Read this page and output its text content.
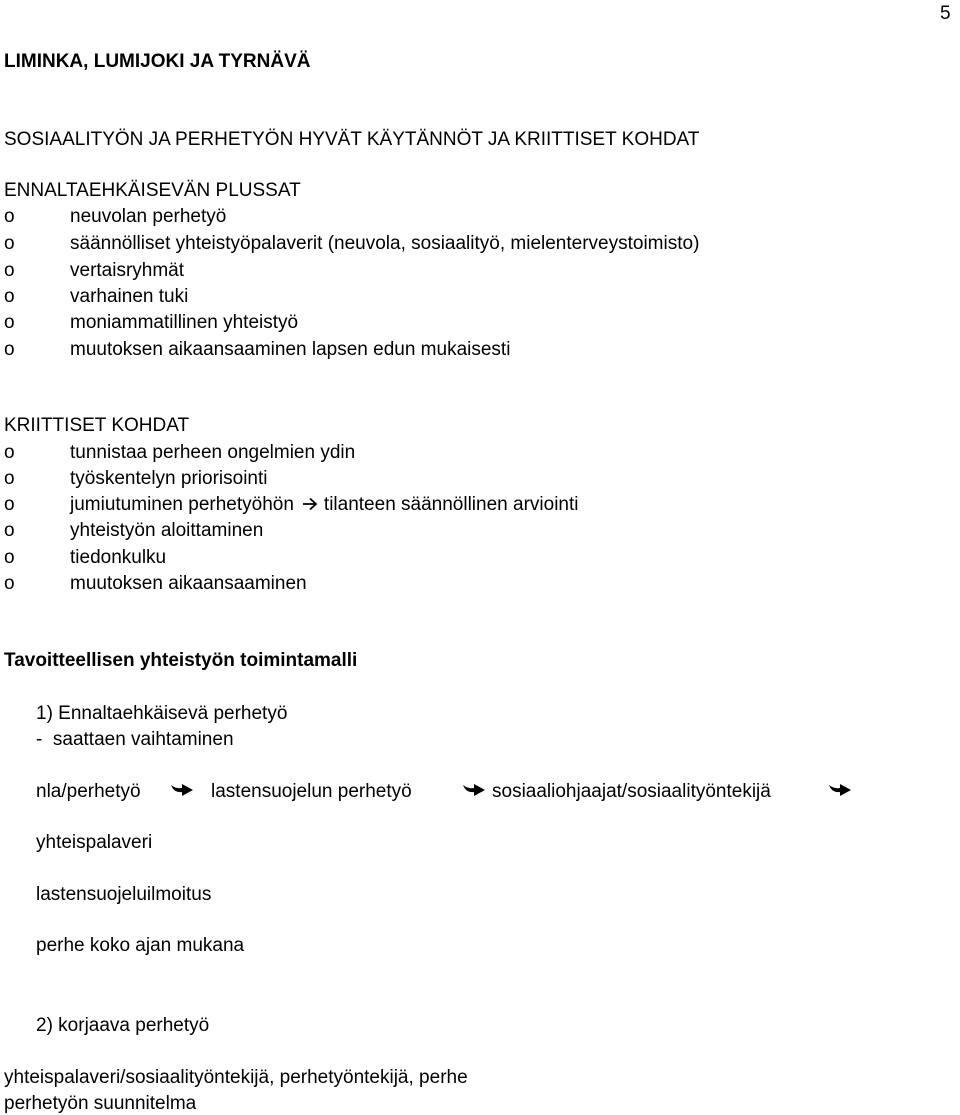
5
LIMINKA, LUMIJOKI JA TYRNÄVÄ
SOSIAALITYÖN JA PERHETYÖN HYVÄT KÄYTÄNNÖT JA KRIITTISET KOHDAT
ENNALTAEHKÄISEVÄN PLUSSAT
o	neuvolan perhetyö
o	säännölliset yhteistyöpalaverit (neuvola, sosiaalityö, mielenterveystoimisto)
o	vertaisryhmät
o	varhainen tuki
o	moniammatillinen yhteistyö
o	muutoksen aikaansaaminen lapsen edun mukaisesti
KRIITTISET KOHDAT
o	tunnistaa perheen ongelmien ydin
o	työskentelyn priorisointi
o	jumiutuminen perhetyöhön tilanteen säännöllinen arviointi
o	yhteistyön aloittaminen
o	tiedonkulku
o	muutoksen aikaansaaminen
Tavoitteellisen yhteistyön toimintamalli
1) Ennaltaehkäisevä perhetyö
-  saattaen vaihtaminen
nla/perhetyö	lastensuojelun perhetyö	sosiaaliohjaajat/sosiaalityöntekijä
yhteispalaveri
lastensuojeluilmoitus
perhe koko ajan mukana
2) korjaava perhetyö
yhteispalaveri/sosiaalityöntekijä, perhetyöntekijä, perhe
perhetyön suunnitelma
